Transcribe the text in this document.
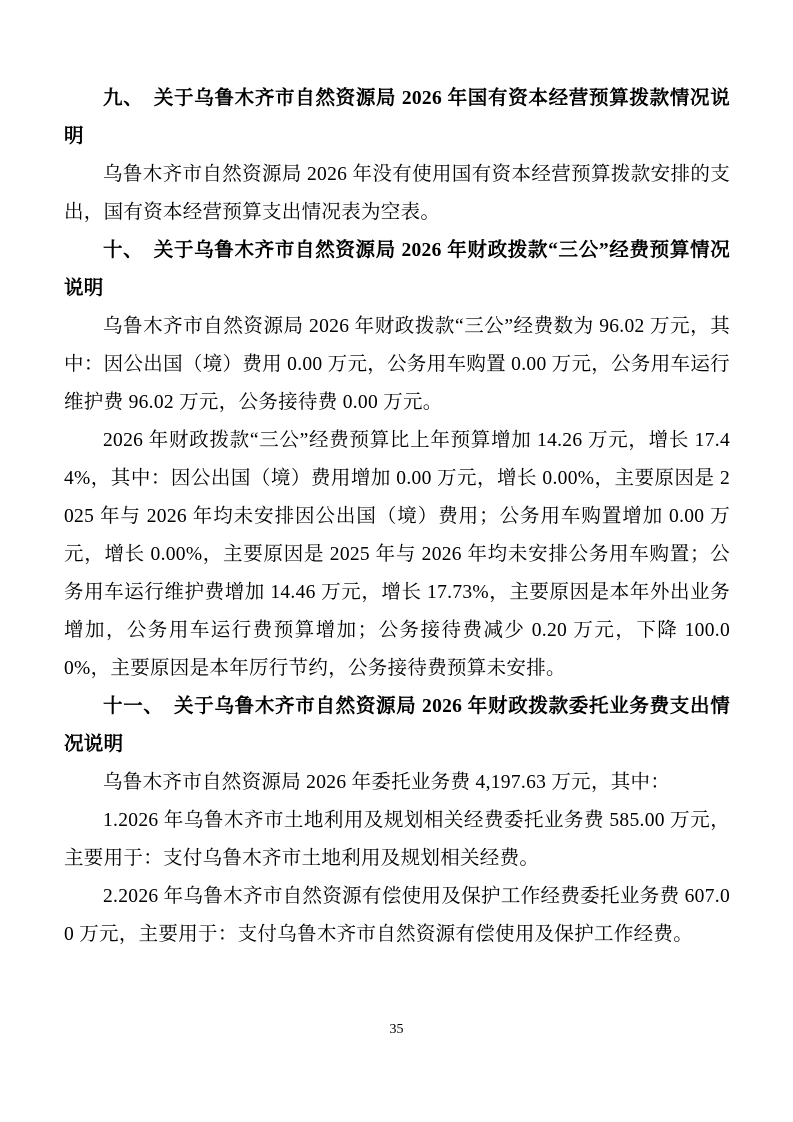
九、　关于乌鲁木齐市自然资源局 2026 年国有资本经营预算拨款情况说明

乌鲁木齐市自然资源局 2026 年没有使用国有资本经营预算拨款安排的支出，国有资本经营预算支出情况表为空表。

十、　关于乌鲁木齐市自然资源局 2026 年财政拨款“三公”经费预算情况说明

乌鲁木齐市自然资源局 2026 年财政拨款“三公”经费数为 96.02 万元，其中：因公出国（境）费用 0.00 万元，公务用车购置 0.00 万元，公务用车运行维护费 96.02 万元，公务接待费 0.00 万元。

2026 年财政拨款“三公”经费预算比上年预算增加 14.26 万元，增长 17.44%，其中：因公出国（境）费用增加 0.00 万元，增长 0.00%，主要原因是 2025 年与 2026 年均未安排因公出国（境）费用；公务用车购置增加 0.00 万元，增长 0.00%，主要原因是 2025 年与 2026 年均未安排公务用车购置；公务用车运行维护费增加 14.46 万元，增长 17.73%，主要原因是本年外出业务增加，公务用车运行费预算增加；公务接待费减少 0.20 万元，下降 100.00%，主要原因是本年厉行节约，公务接待费预算未安排。

十一、　关于乌鲁木齐市自然资源局 2026 年财政拨款委托业务费支出情况说明

乌鲁木齐市自然资源局 2026 年委托业务费 4,197.63 万元，其中：

1.2026 年乌鲁木齐市土地利用及规划相关经费委托业务费 585.00 万元，主要用于：支付乌鲁木齐市土地利用及规划相关经费。

2.2026 年乌鲁木齐市自然资源有偿使用及保护工作经费委托业务费 607.00 万元，主要用于：支付乌鲁木齐市自然资源有偿使用及保护工作经费。

35
